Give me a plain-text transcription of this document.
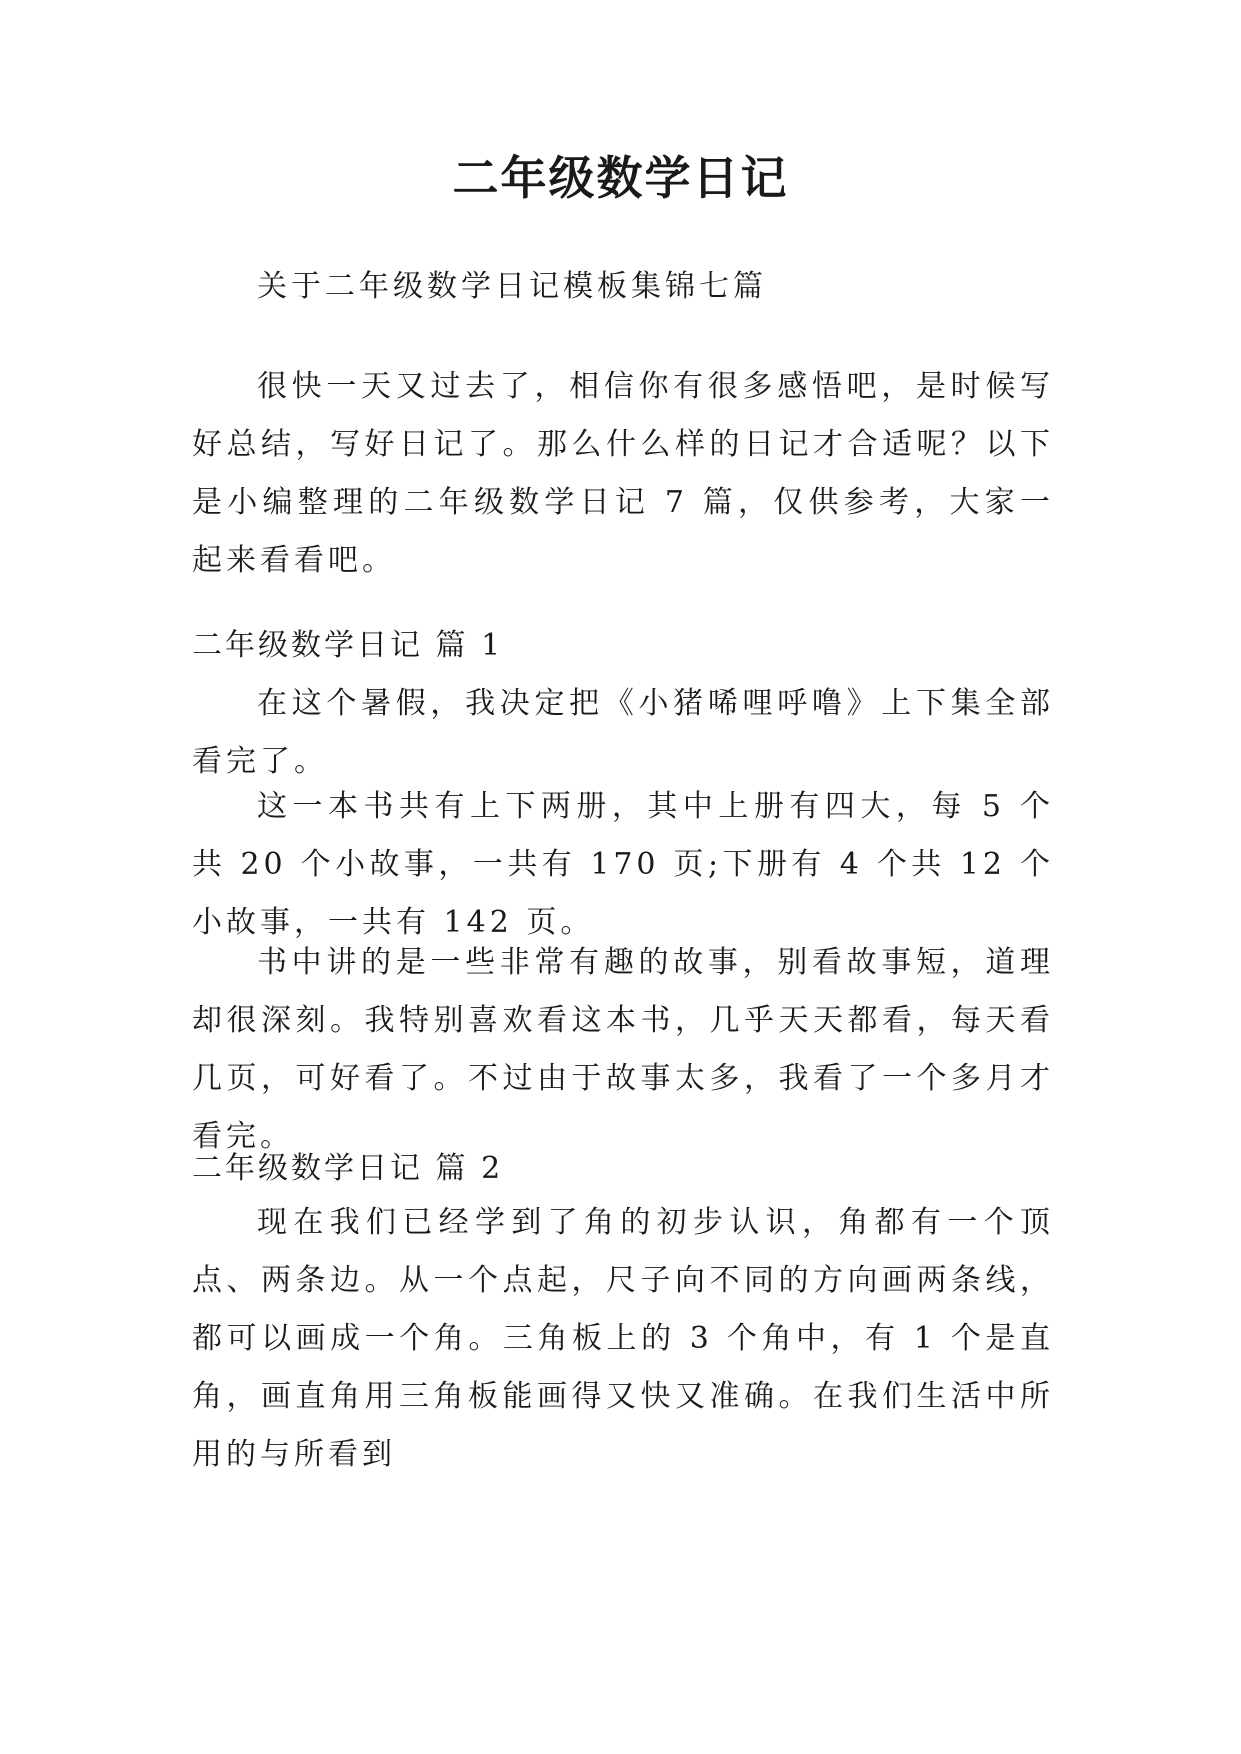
二年级数学日记

关于二年级数学日记模板集锦七篇

很快一天又过去了，相信你有很多感悟吧，是时候写好总结，写好日记了。那么什么样的日记才合适呢？以下是小编整理的二年级数学日记 7 篇，仅供参考，大家一起来看看吧。

二年级数学日记 篇 1

在这个暑假，我决定把《小猪唏哩呼噜》上下集全部看完了。

这一本书共有上下两册，其中上册有四大，每 5 个共 20 个小故事，一共有 170 页;下册有 4 个共 12 个小故事，一共有 142 页。

书中讲的是一些非常有趣的故事，别看故事短，道理却很深刻。我特别喜欢看这本书，几乎天天都看，每天看几页，可好看了。不过由于故事太多，我看了一个多月才看完。

二年级数学日记 篇 2

现在我们已经学到了角的初步认识，角都有一个顶点、两条边。从一个点起，尺子向不同的方向画两条线，都可以画成一个角。三角板上的 3 个角中，有 1 个是直角，画直角用三角板能画得又快又准确。在我们生活中所用的与所看到
